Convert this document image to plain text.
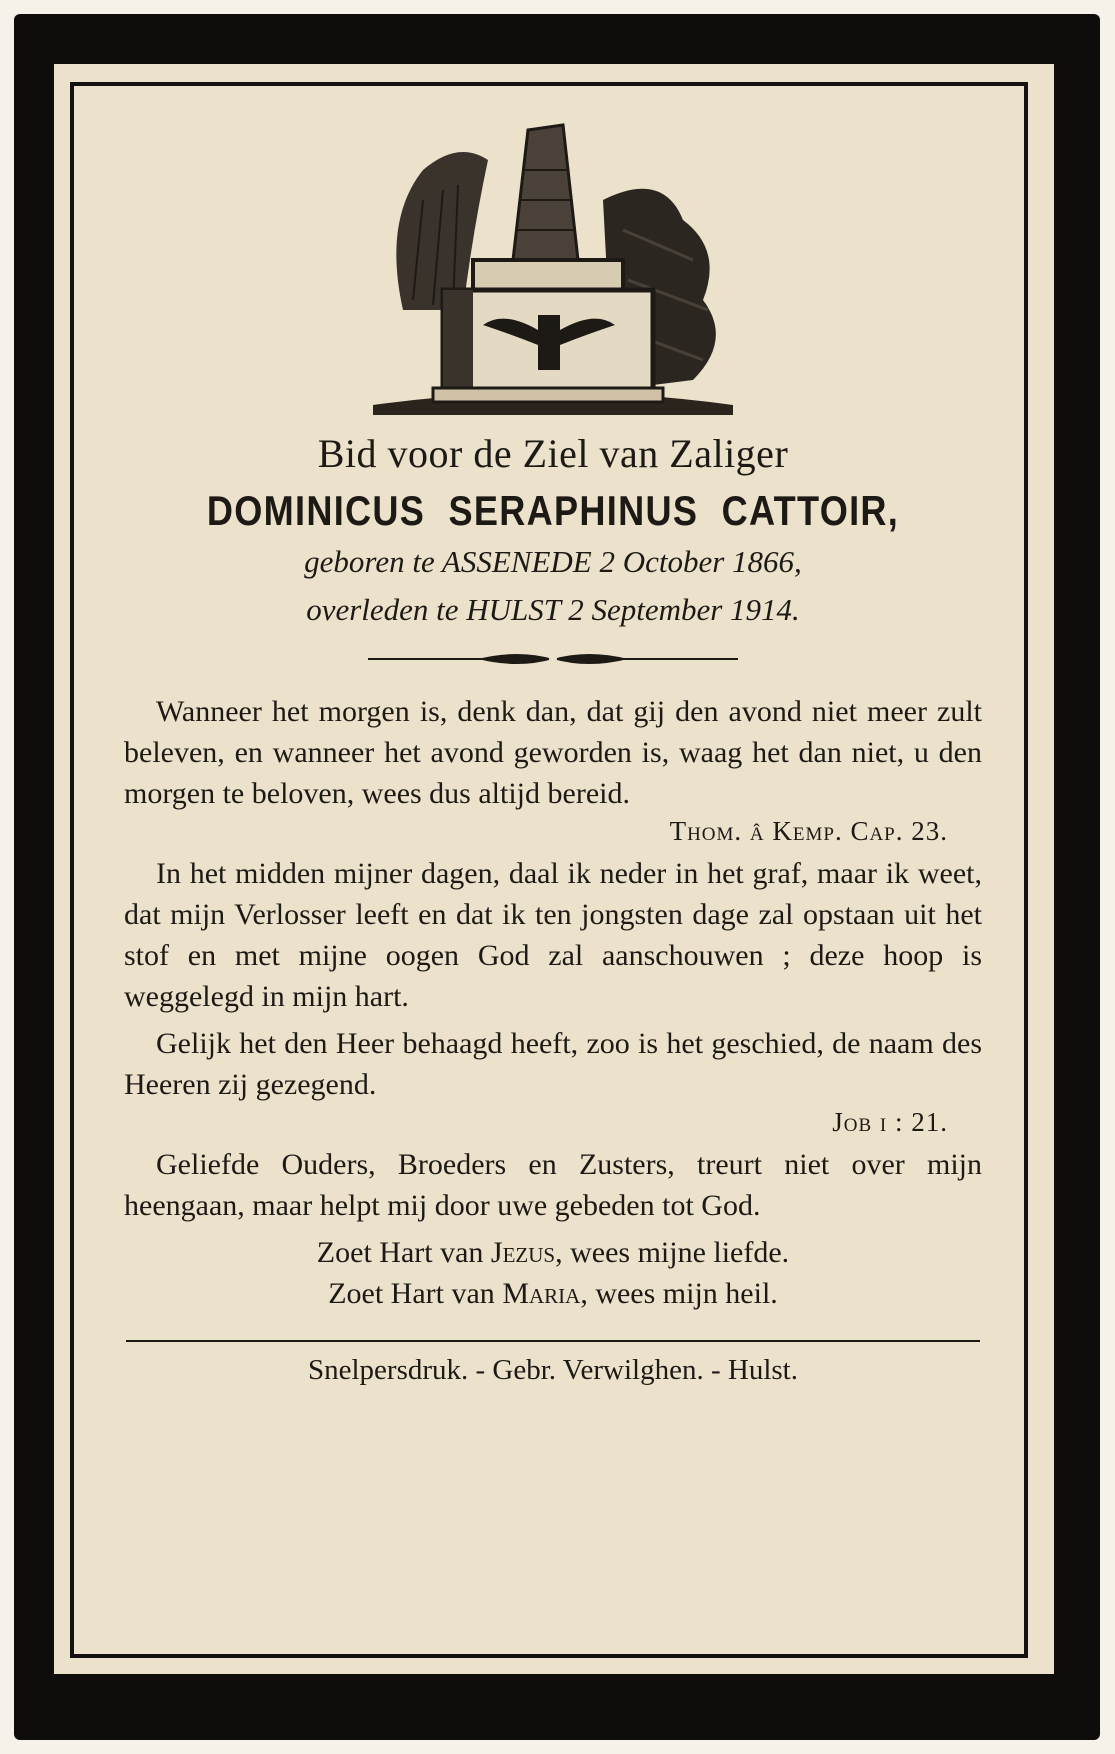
Bid voor de Ziel van Zaliger
DOMINICUS SERAPHINUS CATTOIR,
geboren te ASSENEDE 2 October 1866,
overleden te HULST 2 September 1914.

Wanneer het morgen is, denk dan, dat gij den avond niet meer zult beleven, en wanneer het avond geworden is, waag het dan niet, u den morgen te beloven, wees dus altijd bereid.

Thom. â Kemp. Cap. 23.

In het midden mijner dagen, daal ik neder in het graf, maar ik weet, dat mijn Verlosser leeft en dat ik ten jongsten dage zal opstaan uit het stof en met mijne oogen God zal aanschouwen ; deze hoop is weggelegd in mijn hart.

Gelijk het den Heer behaagd heeft, zoo is het geschied, de naam des Heeren zij gezegend.

Job i : 21.

Geliefde Ouders, Broeders en Zusters, treurt niet over mijn heengaan, maar helpt mij door uwe gebeden tot God.

Zoet Hart van Jezus, wees mijne liefde.
Zoet Hart van Maria, wees mijn heil.
Snelpersdruk. - Gebr. Verwilghen. - Hulst.
